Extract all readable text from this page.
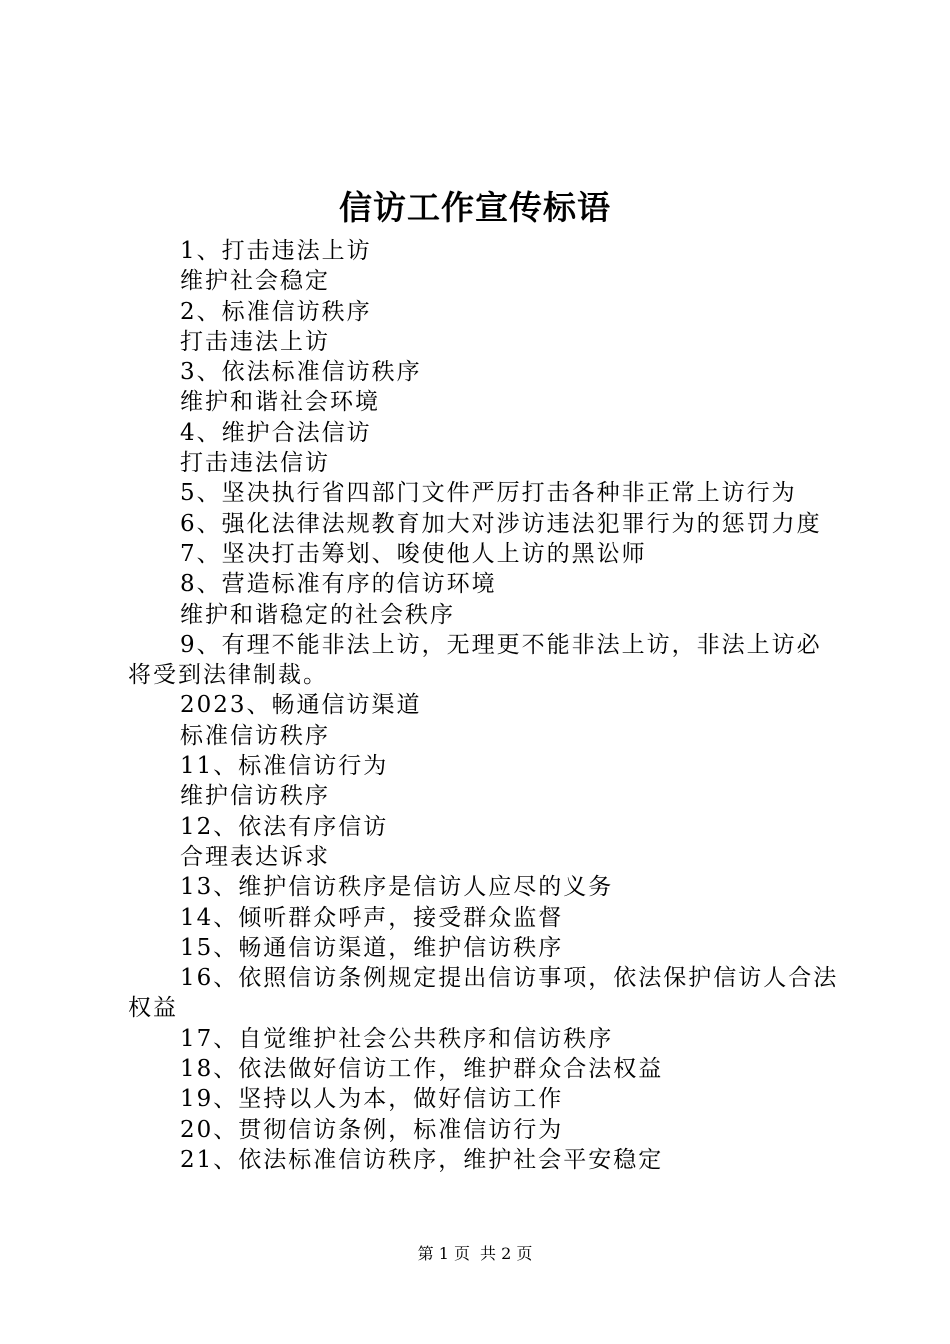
信访工作宣传标语
1、打击违法上访
维护社会稳定
2、标准信访秩序
打击违法上访
3、依法标准信访秩序
维护和谐社会环境
4、维护合法信访
打击违法信访
5、坚决执行省四部门文件严厉打击各种非正常上访行为
6、强化法律法规教育加大对涉访违法犯罪行为的惩罚力度
7、坚决打击筹划、唆使他人上访的黑讼师
8、营造标准有序的信访环境
维护和谐稳定的社会秩序
9、有理不能非法上访，无理更不能非法上访，非法上访必
将受到法律制裁。
2023、畅通信访渠道
标准信访秩序
11、标准信访行为
维护信访秩序
12、依法有序信访
合理表达诉求
13、维护信访秩序是信访人应尽的义务
14、倾听群众呼声，接受群众监督
15、畅通信访渠道，维护信访秩序
16、依照信访条例规定提出信访事项，依法保护信访人合法
权益
17、自觉维护社会公共秩序和信访秩序
18、依法做好信访工作，维护群众合法权益
19、坚持以人为本，做好信访工作
20、贯彻信访条例，标准信访行为
21、依法标准信访秩序，维护社会平安稳定
第 1 页 共 2 页
